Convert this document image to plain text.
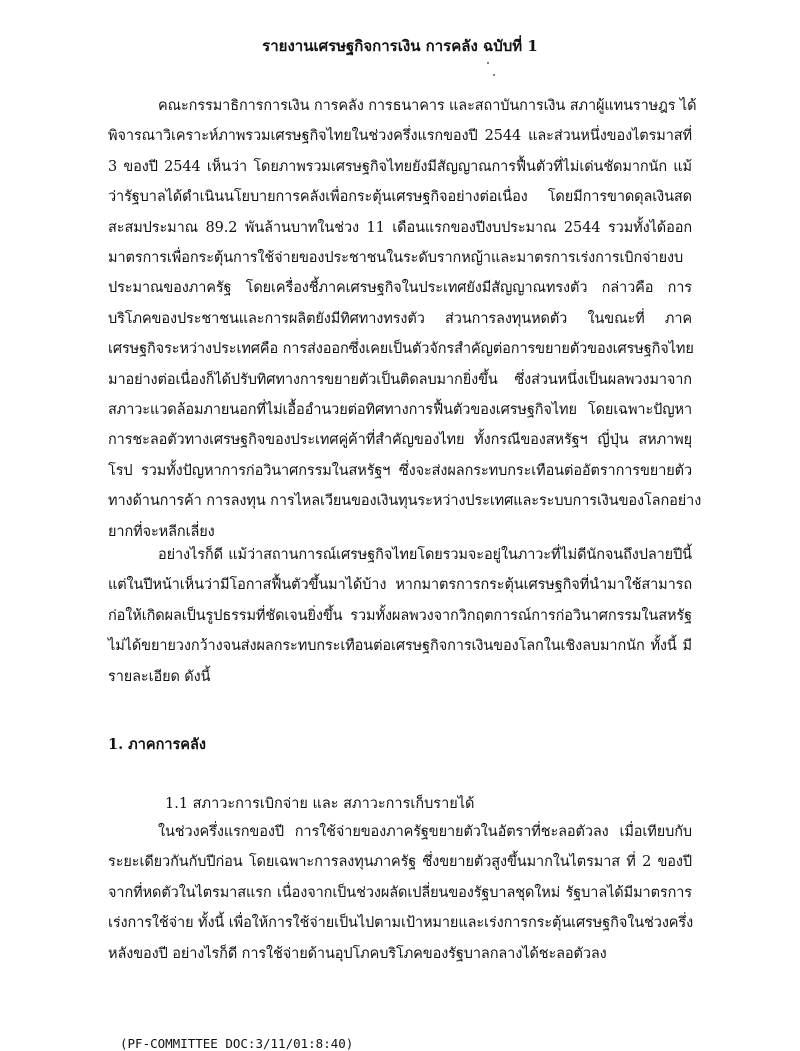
รายงานเศรษฐกิจการเงิน การคลัง ฉบับที่ 1
คณะกรรมาธิการการเงิน การคลัง การธนาคาร และสถาบันการเงิน สภาผู้แทนราษฎร ได้
พิจารณาวิเคราะห์ภาพรวมเศรษฐกิจไทยในช่วงครึ่งแรกของปี 2544 และส่วนหนึ่งของไตรมาสที่
3 ของปี 2544 เห็นว่า โดยภาพรวมเศรษฐกิจไทยยังมีสัญญาณการฟื้นตัวที่ไม่เด่นชัดมากนัก แม้
ว่ารัฐบาลได้ดำเนินนโยบายการคลังเพื่อกระตุ้นเศรษฐกิจอย่างต่อเนื่อง โดยมีการขาดดุลเงินสด
สะสมประมาณ 89.2 พันล้านบาทในช่วง 11 เดือนแรกของปีงบประมาณ 2544 รวมทั้งได้ออก
มาตรการเพื่อกระตุ้นการใช้จ่ายของประชาชนในระดับรากหญ้าและมาตรการเร่งการเบิกจ่ายงบ
ประมาณของภาครัฐ โดยเครื่องชี้ภาคเศรษฐกิจในประเทศยังมีสัญญาณทรงตัว กล่าวคือ การ
บริโภคของประชาชนและการผลิตยังมีทิศทางทรงตัว ส่วนการลงทุนหดตัว ในขณะที่ ภาค
เศรษฐกิจระหว่างประเทศคือ การส่งออกซึ่งเคยเป็นตัวจักรสำคัญต่อการขยายตัวของเศรษฐกิจไทย
มาอย่างต่อเนื่องก็ได้ปรับทิศทางการขยายตัวเป็นติดลบมากยิ่งขึ้น ซึ่งส่วนหนึ่งเป็นผลพวงมาจาก
สภาวะแวดล้อมภายนอกที่ไม่เอื้ออำนวยต่อทิศทางการฟื้นตัวของเศรษฐกิจไทย โดยเฉพาะปัญหา
การชะลอตัวทางเศรษฐกิจของประเทศคู่ค้าที่สำคัญของไทย ทั้งกรณีของสหรัฐฯ ญี่ปุ่น สหภาพยุ
โรป รวมทั้งปัญหาการก่อวินาศกรรมในสหรัฐฯ ซึ่งจะส่งผลกระทบกระเทือนต่ออัตราการขยายตัว
ทางด้านการค้า การลงทุน การไหลเวียนของเงินทุนระหว่างประเทศและระบบการเงินของโลกอย่าง
ยากที่จะหลีกเลี่ยง
อย่างไรก็ดี แม้ว่าสถานการณ์เศรษฐกิจไทยโดยรวมจะอยู่ในภาวะที่ไม่ดีนักจนถึงปลายปีนี้
แต่ในปีหน้าเห็นว่ามีโอกาสฟื้นตัวขึ้นมาได้บ้าง หากมาตรการกระตุ้นเศรษฐกิจที่นำมาใช้สามารถ
ก่อให้เกิดผลเป็นรูปธรรมที่ชัดเจนยิ่งขึ้น รวมทั้งผลพวงจากวิกฤตการณ์การก่อวินาศกรรมในสหรัฐ
ไม่ได้ขยายวงกว้างจนส่งผลกระทบกระเทือนต่อเศรษฐกิจการเงินของโลกในเชิงลบมากนัก ทั้งนี้ มี
รายละเอียด ดังนี้
1. ภาคการคลัง
1.1 สภาวะการเบิกจ่าย และ สภาวะการเก็บรายได้
ในช่วงครึ่งแรกของปี การใช้จ่ายของภาครัฐขยายตัวในอัตราที่ชะลอตัวลง เมื่อเทียบกับ
ระยะเดียวกันกับปีก่อน โดยเฉพาะการลงทุนภาครัฐ ซึ่งขยายตัวสูงขึ้นมากในไตรมาส ที่ 2 ของปี
จากที่หดตัวในไตรมาสแรก เนื่องจากเป็นช่วงผลัดเปลี่ยนของรัฐบาลชุดใหม่ รัฐบาลได้มีมาตรการ
เร่งการใช้จ่าย ทั้งนี้ เพื่อให้การใช้จ่ายเป็นไปตามเป้าหมายและเร่งการกระตุ้นเศรษฐกิจในช่วงครึ่ง
หลังของปี อย่างไรก็ดี การใช้จ่ายด้านอุปโภคบริโภคของรัฐบาลกลางได้ชะลอตัวลง
(PF-COMMITTEE DOC:3/11/01:8:40)
